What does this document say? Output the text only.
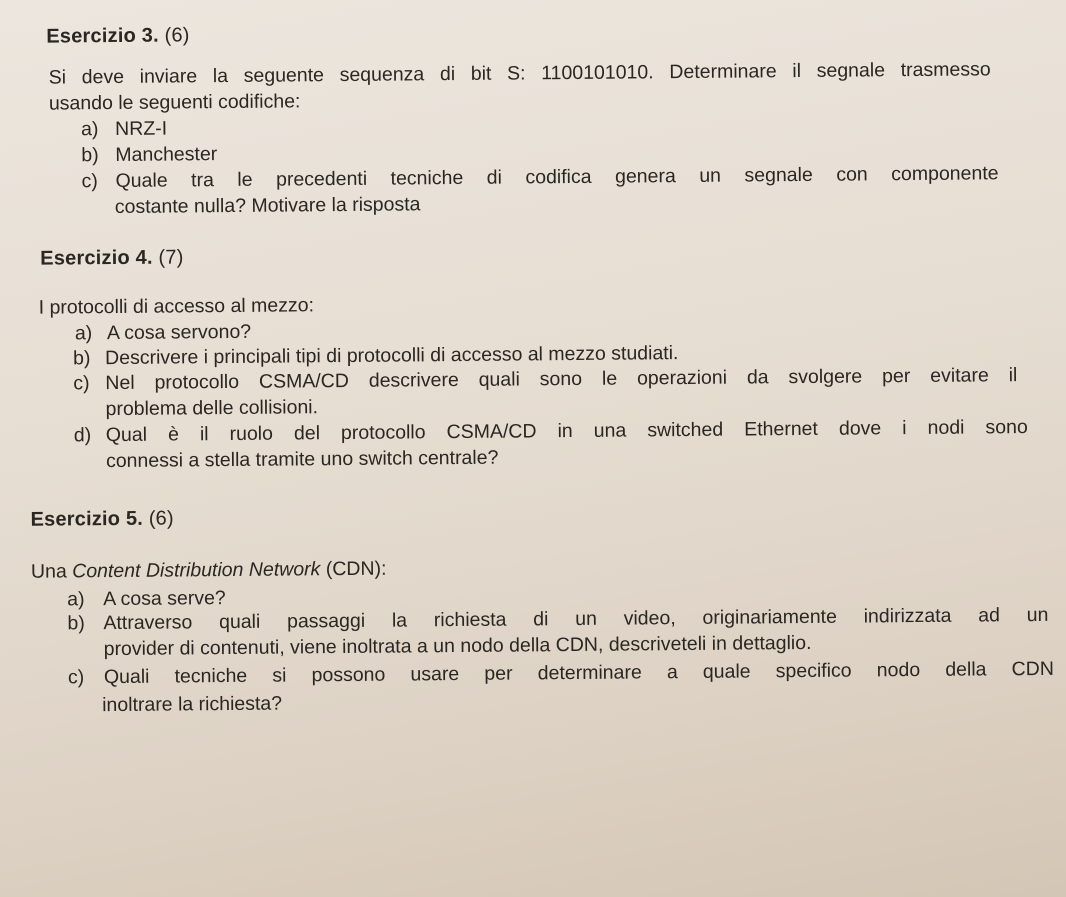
Esercizio 3. (6)
Si deve inviare la seguente sequenza di bit S: 1100101010. Determinare il segnale trasmesso
usando le seguenti codifiche:
a) NRZ-I
b) Manchester
c) Quale tra le precedenti tecniche di codifica genera un segnale con componente
costante nulla? Motivare la risposta
Esercizio 4. (7)
I protocolli di accesso al mezzo:
a) A cosa servono?
b) Descrivere i principali tipi di protocolli di accesso al mezzo studiati.
c) Nel protocollo CSMA/CD descrivere quali sono le operazioni da svolgere per evitare il
problema delle collisioni.
d) Qual è il ruolo del protocollo CSMA/CD in una switched Ethernet dove i nodi sono
connessi a stella tramite uno switch centrale?
Esercizio 5. (6)
Una Content Distribution Network (CDN):
a) A cosa serve?
b) Attraverso quali passaggi la richiesta di un video, originariamente indirizzata ad un
provider di contenuti, viene inoltrata a un nodo della CDN, descriveteli in dettaglio.
c) Quali tecniche si possono usare per determinare a quale specifico nodo della CDN
inoltrare la richiesta?
